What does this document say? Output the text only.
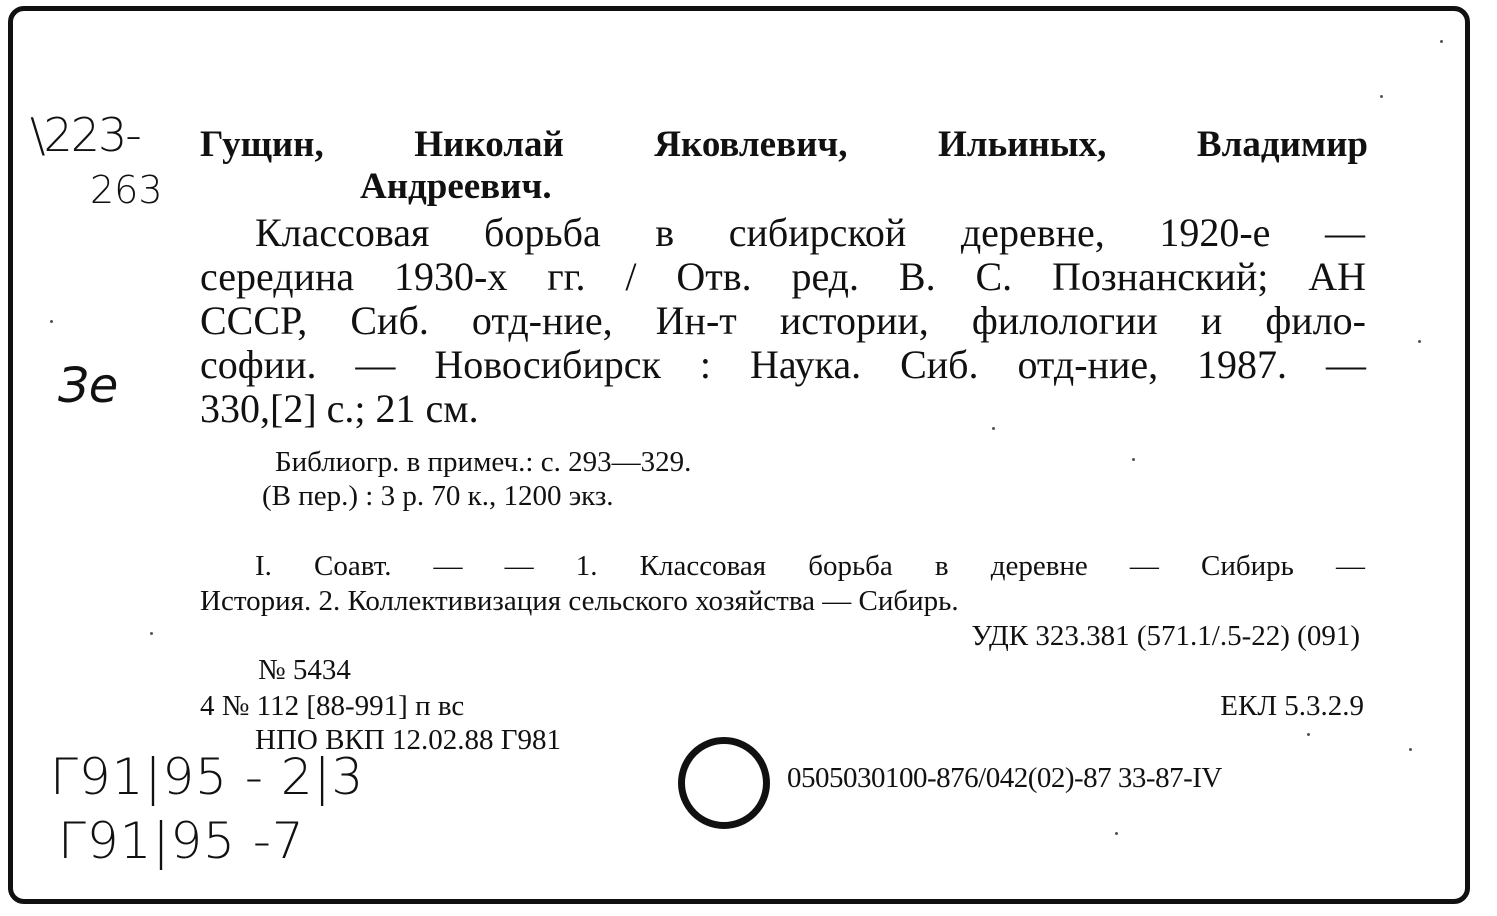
\223-
263
Зе
Г91|95 - 2|3
Г91|95 -7
Гущин, Николай Яковлевич, Ильиных, Владимир
Андреевич.
Классовая борьба в сибирской деревне, 1920-е —
середина 1930-х гг. / Отв. ред. В. С. Познанский; АН
СССР, Сиб. отд-ние, Ин-т истории, филологии и фило-
софии. — Новосибирск : Наука. Сиб. отд-ние, 1987. —
330,[2] с.; 21 см.
Библиогр. в примеч.: с. 293—329.
(В пер.) : 3 р. 70 к., 1200 экз.
I. Соавт. — — 1. Классовая борьба в деревне — Сибирь —
История. 2. Коллективизация сельского хозяйства — Сибирь.
УДК 323.381 (571.1/.5-22) (091)
№ 5434
4 № 112 [88-991] п вс	ЕКЛ 5.3.2.9
НПО ВКП 12.02.88 Г981
0505030100-876/042(02)-87 33-87-IV
